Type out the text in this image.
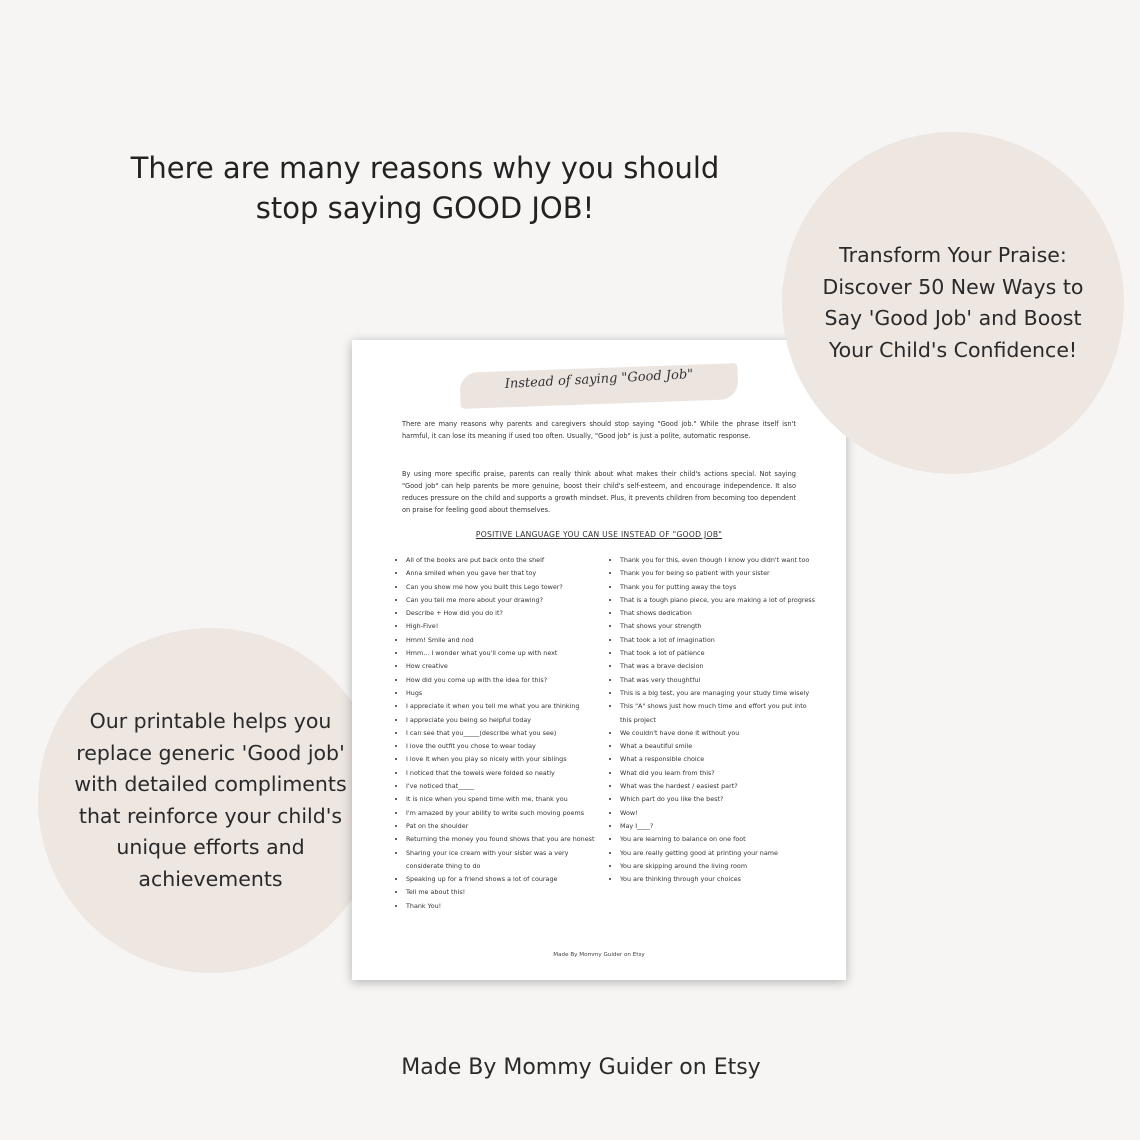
There are many reasons why you should stop saying GOOD JOB!

Transform Your Praise: Discover 50 New Ways to Say 'Good Job' and Boost Your Child's Confidence!

Our printable helps you replace generic 'Good job' with detailed compliments that reinforce your child's unique efforts and achievements

Instead of saying "Good Job"

There are many reasons why parents and caregivers should stop saying "Good job." While the phrase itself isn't harmful, it can lose its meaning if used too often. Usually, "Good job" is just a polite, automatic response.

By using more specific praise, parents can really think about what makes their child's actions special. Not saying "Good job" can help parents be more genuine, boost their child's self-esteem, and encourage independence. It also reduces pressure on the child and supports a growth mindset. Plus, it prevents children from becoming too dependent on praise for feeling good about themselves.

POSITIVE LANGUAGE YOU CAN USE INSTEAD OF "GOOD JOB"
• All of the books are put back onto the shelf
• Anna smiled when you gave her that toy
• Can you show me how you built this Lego tower?
• Can you tell me more about your drawing?
• Describe + How did you do it?
• High-Five!
• Hmm! Smile and nod
• Hmm... I wonder what you'll come up with next
• How creative
• How did you come up with the idea for this?
• Hugs
• I appreciate it when you tell me what you are thinking
• I appreciate you being so helpful today
• I can see that you_____(describe what you see)
• I love the outfit you chose to wear today
• I love it when you play so nicely with your siblings
• I noticed that the towels were folded so neatly
• I've noticed that_____
• It is nice when you spend time with me, thank you
• I'm amazed by your ability to write such moving poems
• Pat on the shoulder
• Returning the money you found shows that you are honest
• Sharing your ice cream with your sister was a very considerate thing to do
• Speaking up for a friend shows a lot of courage
• Tell me about this!
• Thank You!
• Thank you for this, even though I know you didn't want too
• Thank you for being so patient with your sister
• Thank you for putting away the toys
• That is a tough piano piece, you are making a lot of progress
• That shows dedication
• That shows your strength
• That took a lot of imagination
• That took a lot of patience
• That was a brave decision
• That was very thoughtful
• This is a big test, you are managing your study time wisely
• This "A" shows just how much time and effort you put into this project
• We couldn't have done it without you
• What a beautiful smile
• What a responsible choice
• What did you learn from this?
• What was the hardest / easiest part?
• Which part do you like the best?
• Wow!
• May I____?
• You are learning to balance on one foot
• You are really getting good at printing your name
• You are skipping around the living room
• You are thinking through your choices
Made By Mommy Guider on Etsy
Made By Mommy Guider on Etsy
